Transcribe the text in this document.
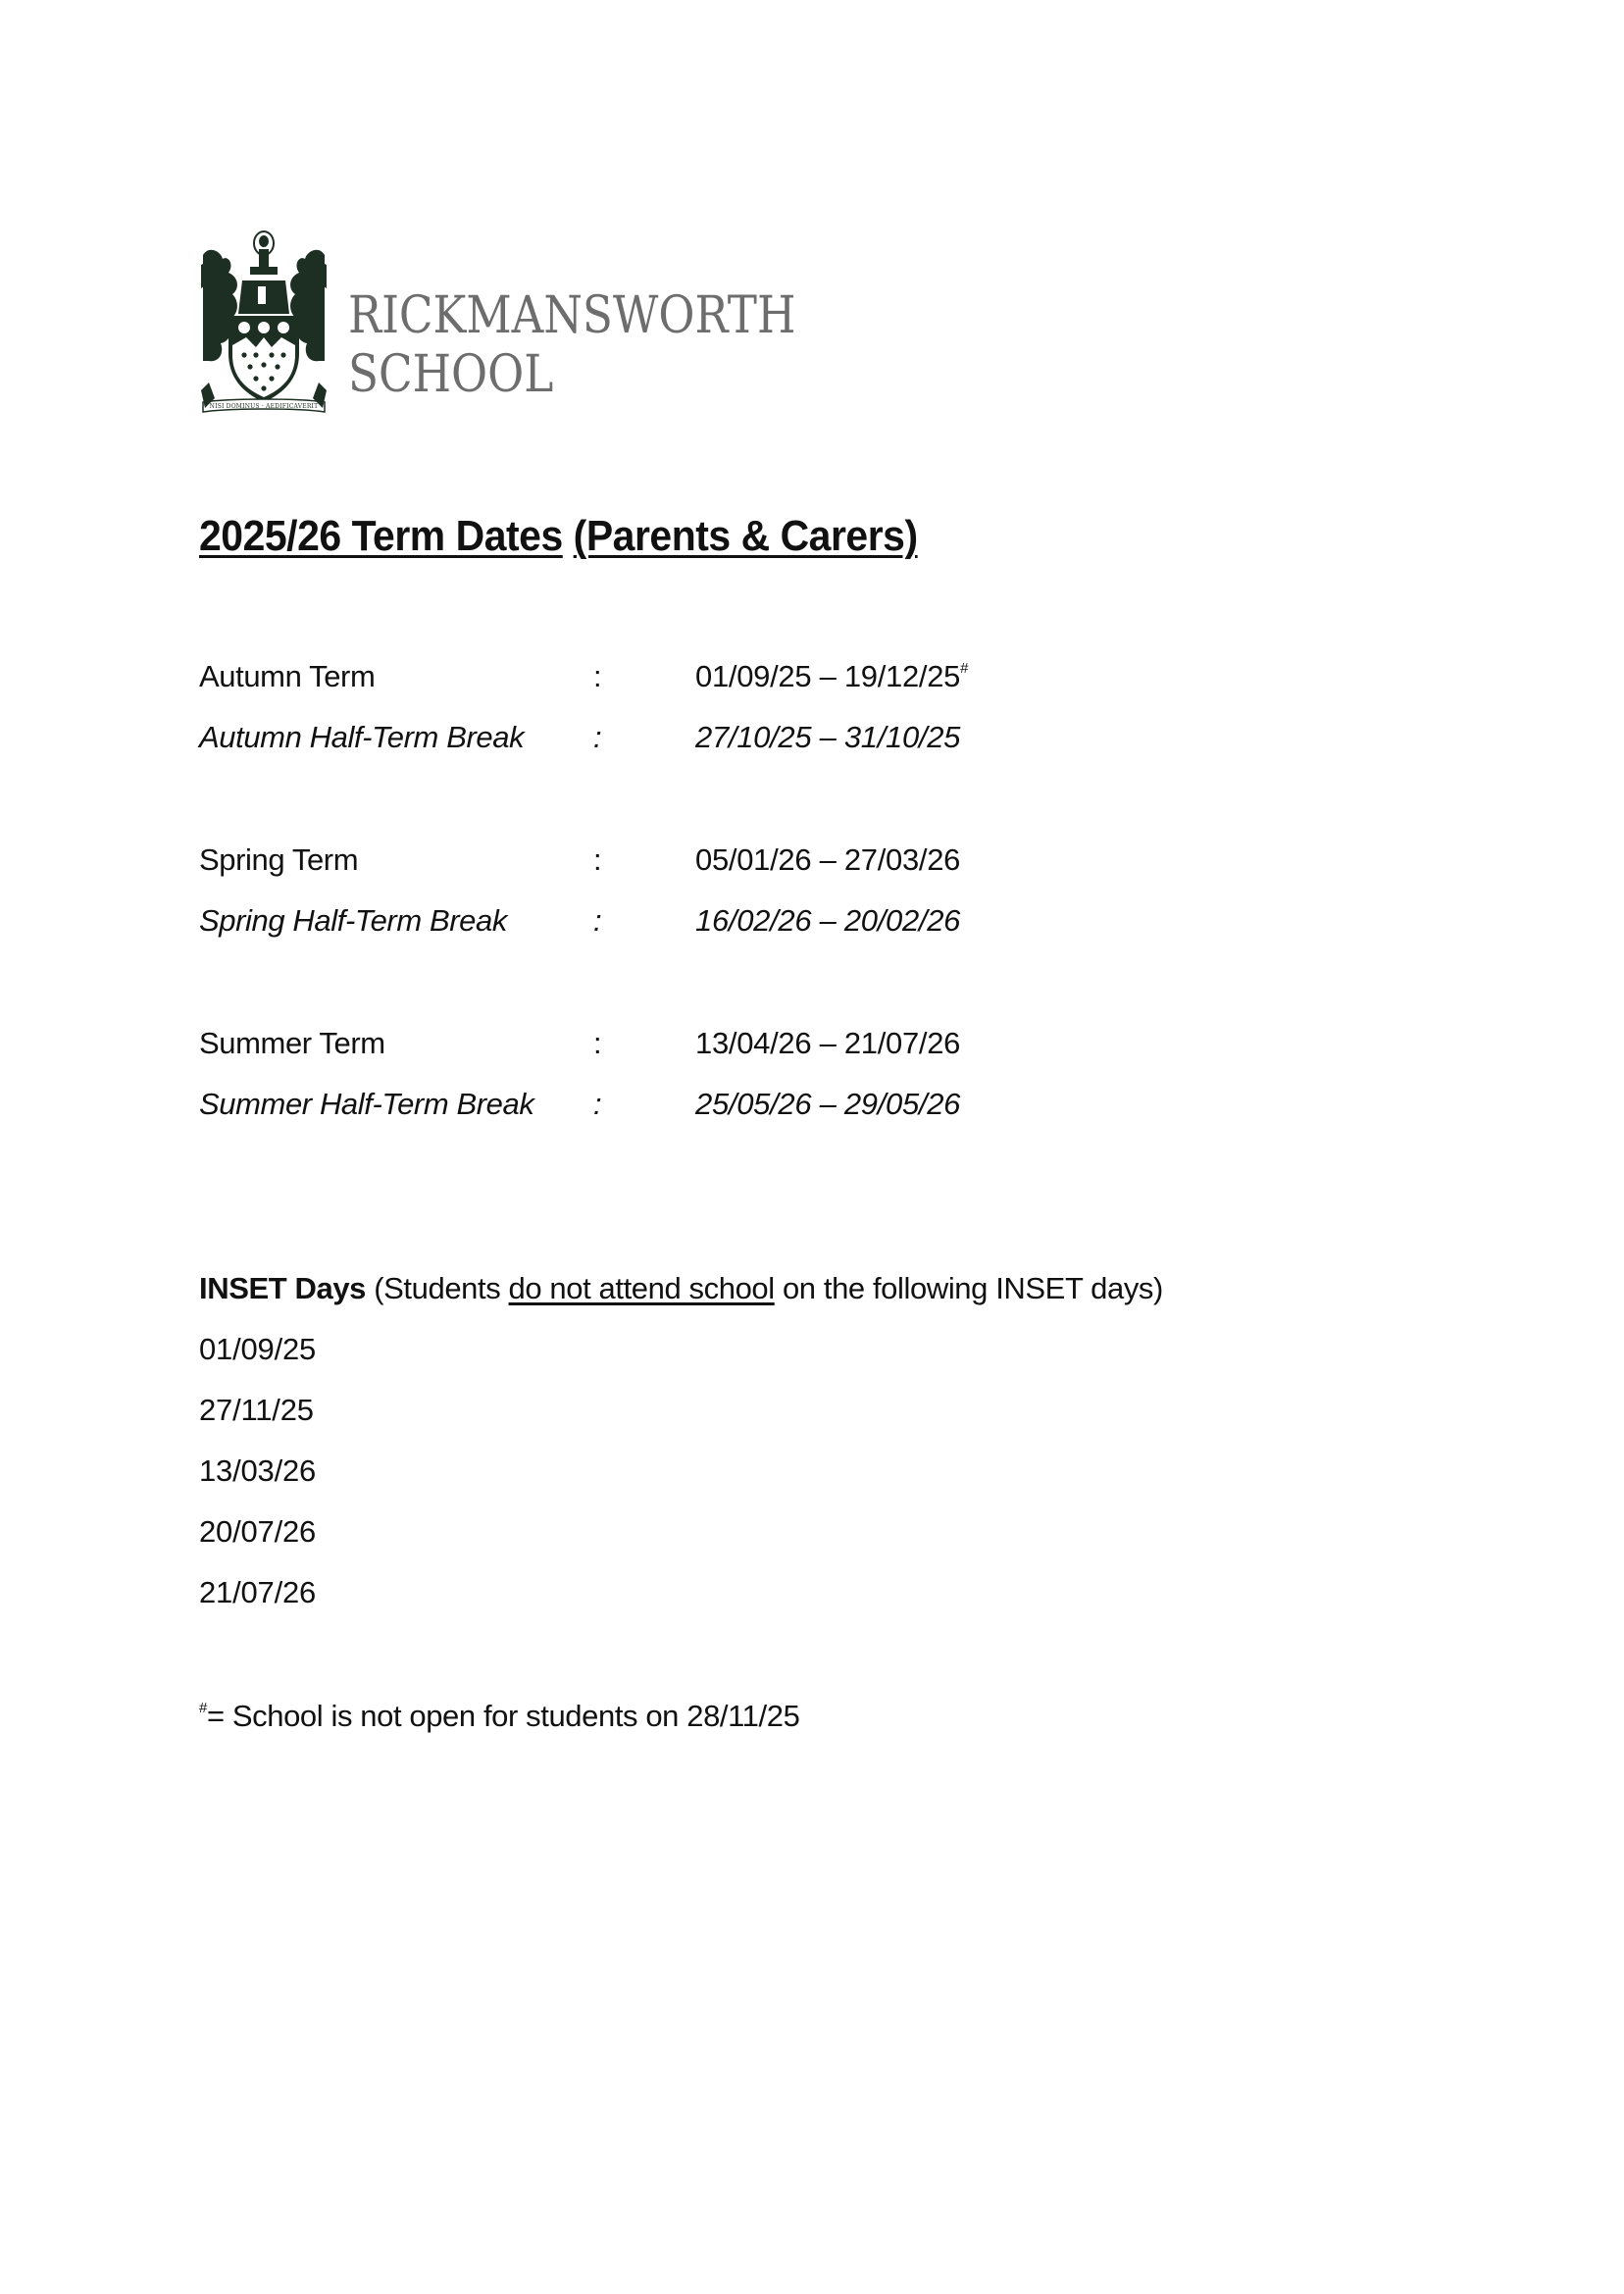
NISI DOMINUS · AEDIFICAVERIT
RICKMANSWORTH
SCHOOL
2025/26 Term Dates (Parents & Carers)
Autumn Term	:	01/09/25 – 19/12/25#
Autumn Half-Term Break :	27/10/25 – 31/10/25
Spring Term	:	05/01/26 – 27/03/26
Spring Half-Term Break	:	16/02/26 – 20/02/26
Summer Term	:	13/04/26 – 21/07/26
Summer Half-Term Break :	25/05/26 – 29/05/26
INSET Days (Students do not attend school on the following INSET days)
01/09/25
27/11/25
13/03/26
20/07/26
21/07/26
#= School is not open for students on 28/11/25
